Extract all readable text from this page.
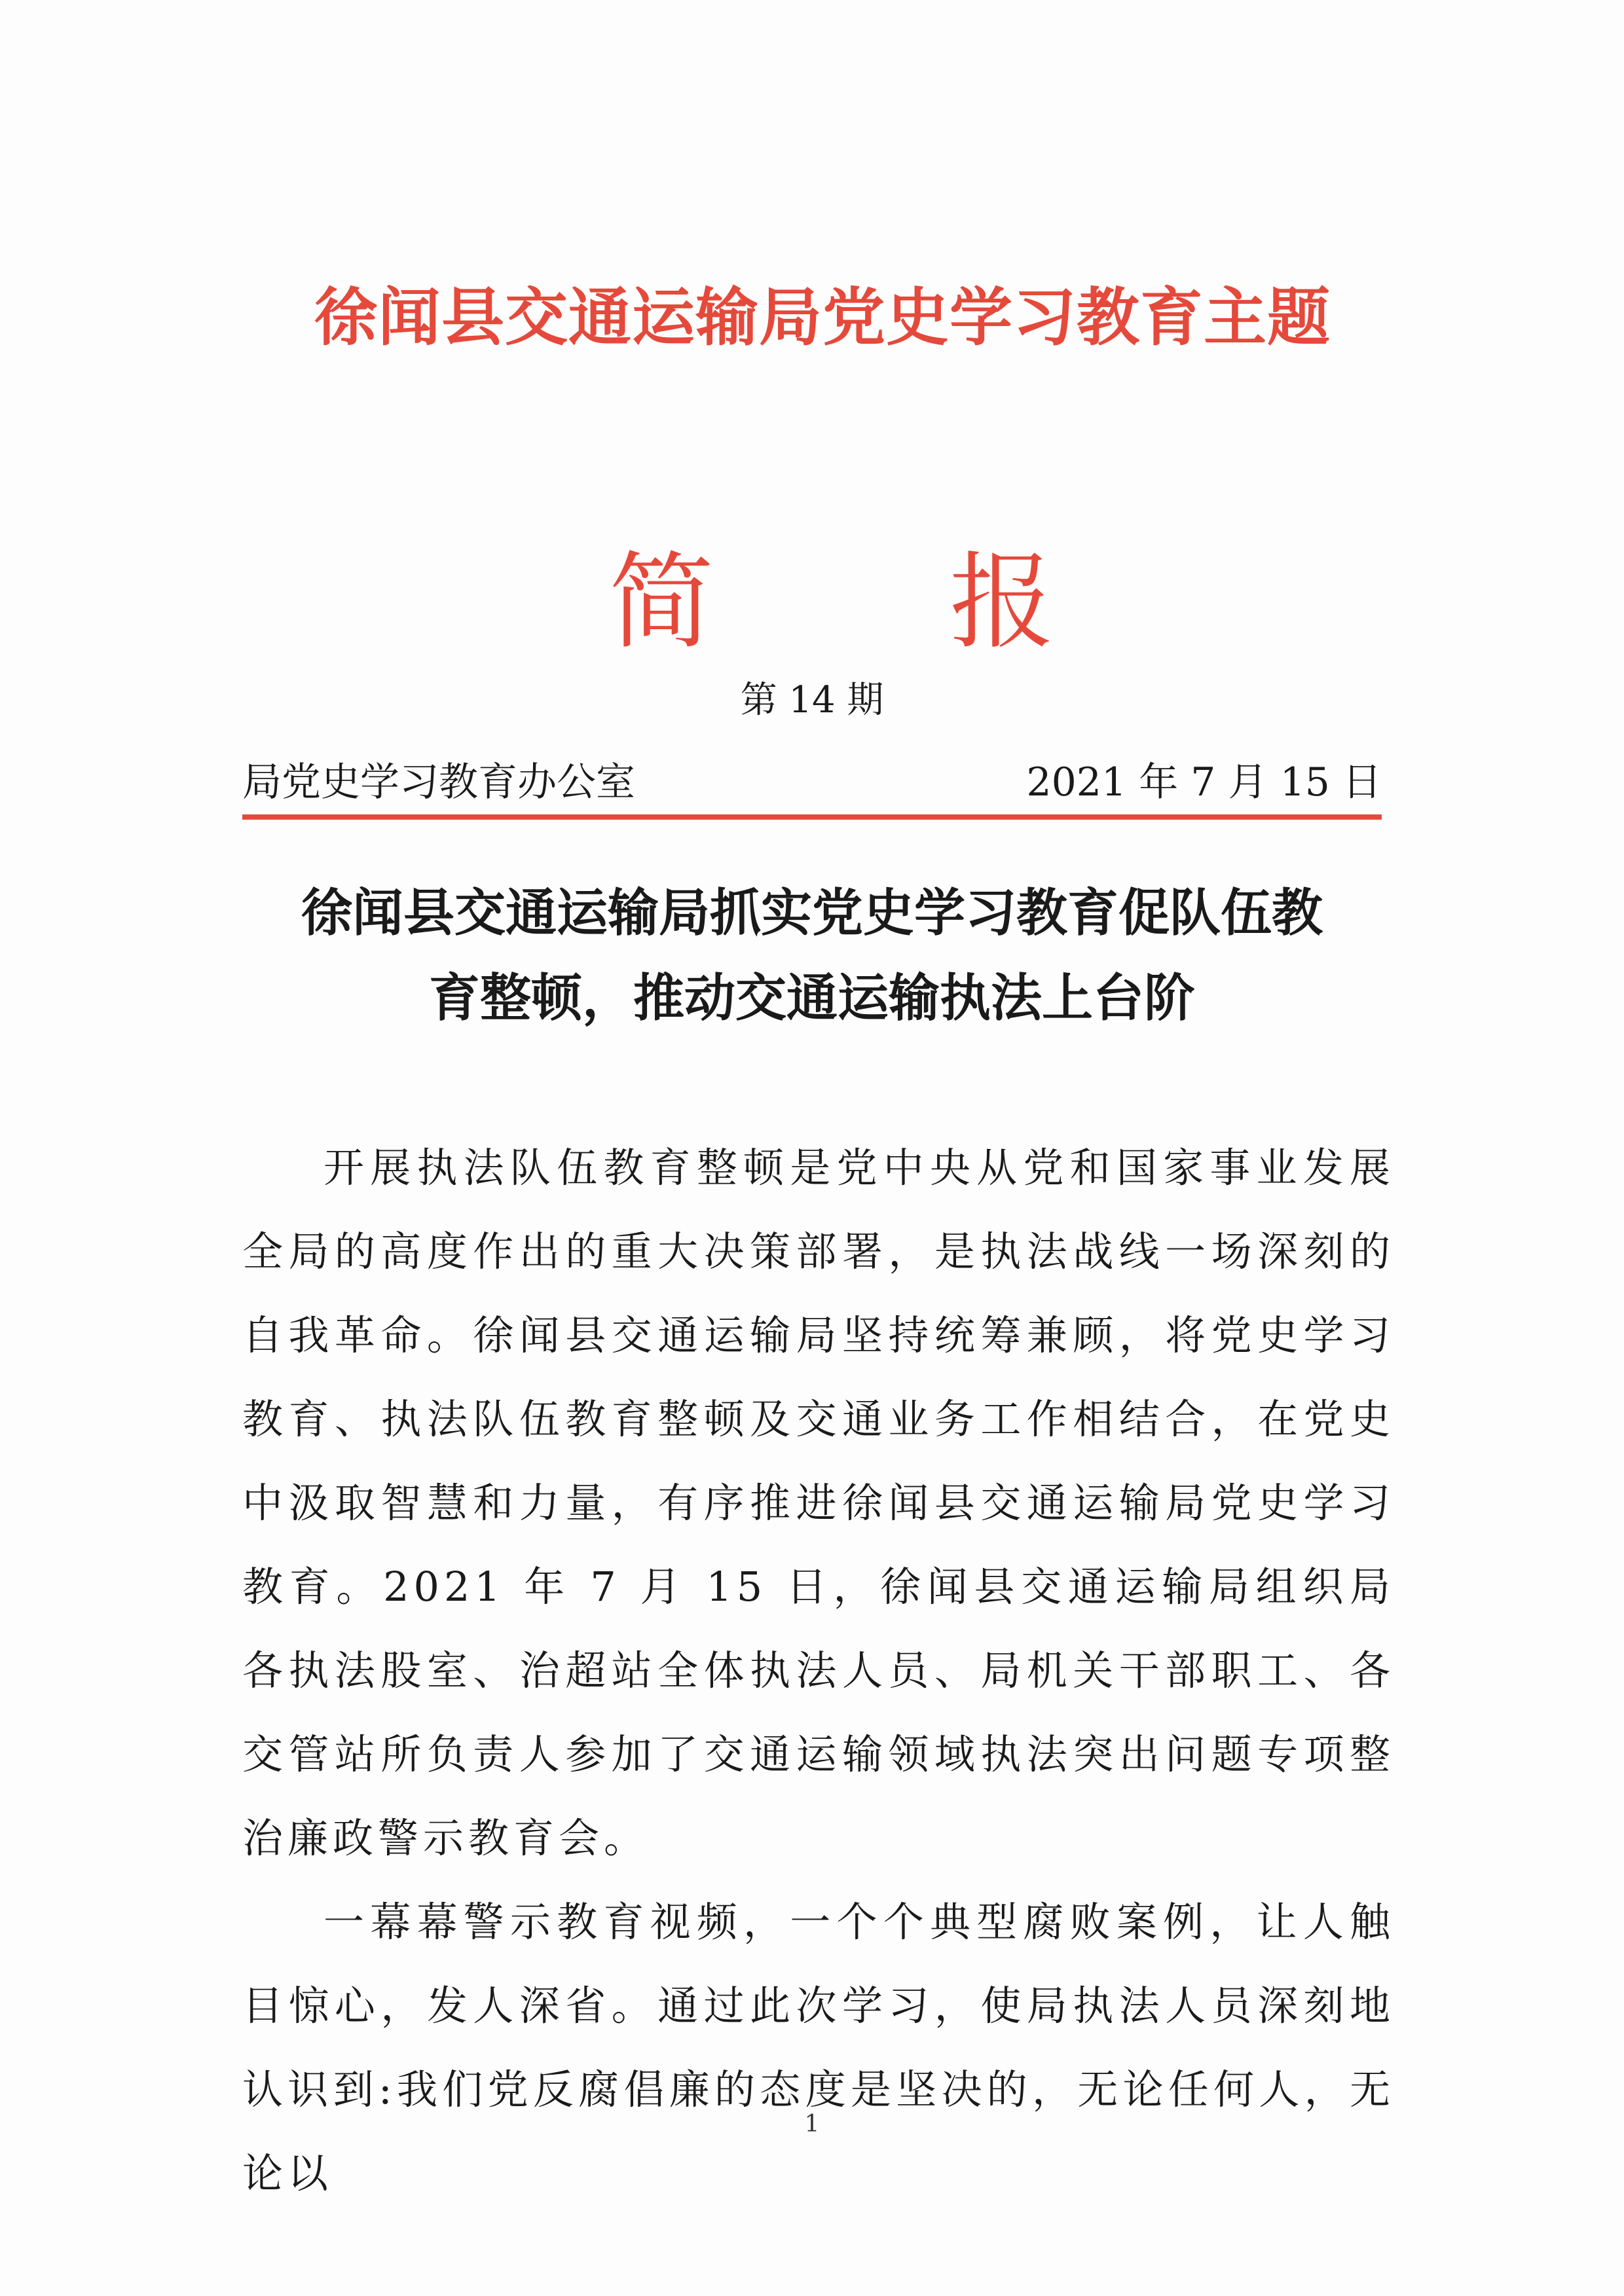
徐闻县交通运输局党史学习教育主题
简 报
第 14 期
局党史学习教育办公室	2021 年 7 月 15 日
徐闻县交通运输局抓实党史学习教育促队伍教
育整顿，推动交通运输执法上台阶

开展执法队伍教育整顿是党中央从党和国家事业发展全局的高度作出的重大决策部署，是执法战线一场深刻的自我革命。徐闻县交通运输局坚持统筹兼顾，将党史学习教育、执法队伍教育整顿及交通业务工作相结合，在党史中汲取智慧和力量，有序推进徐闻县交通运输局党史学习教育。2021 年 7 月 15 日，徐闻县交通运输局组织局各执法股室、治超站全体执法人员、局机关干部职工、各交管站所负责人参加了交通运输领域执法突出问题专项整治廉政警示教育会。

一幕幕警示教育视频，一个个典型腐败案例，让人触目惊心，发人深省。通过此次学习，使局执法人员深刻地认识到:我们党反腐倡廉的态度是坚决的，无论任何人，无论以

1
